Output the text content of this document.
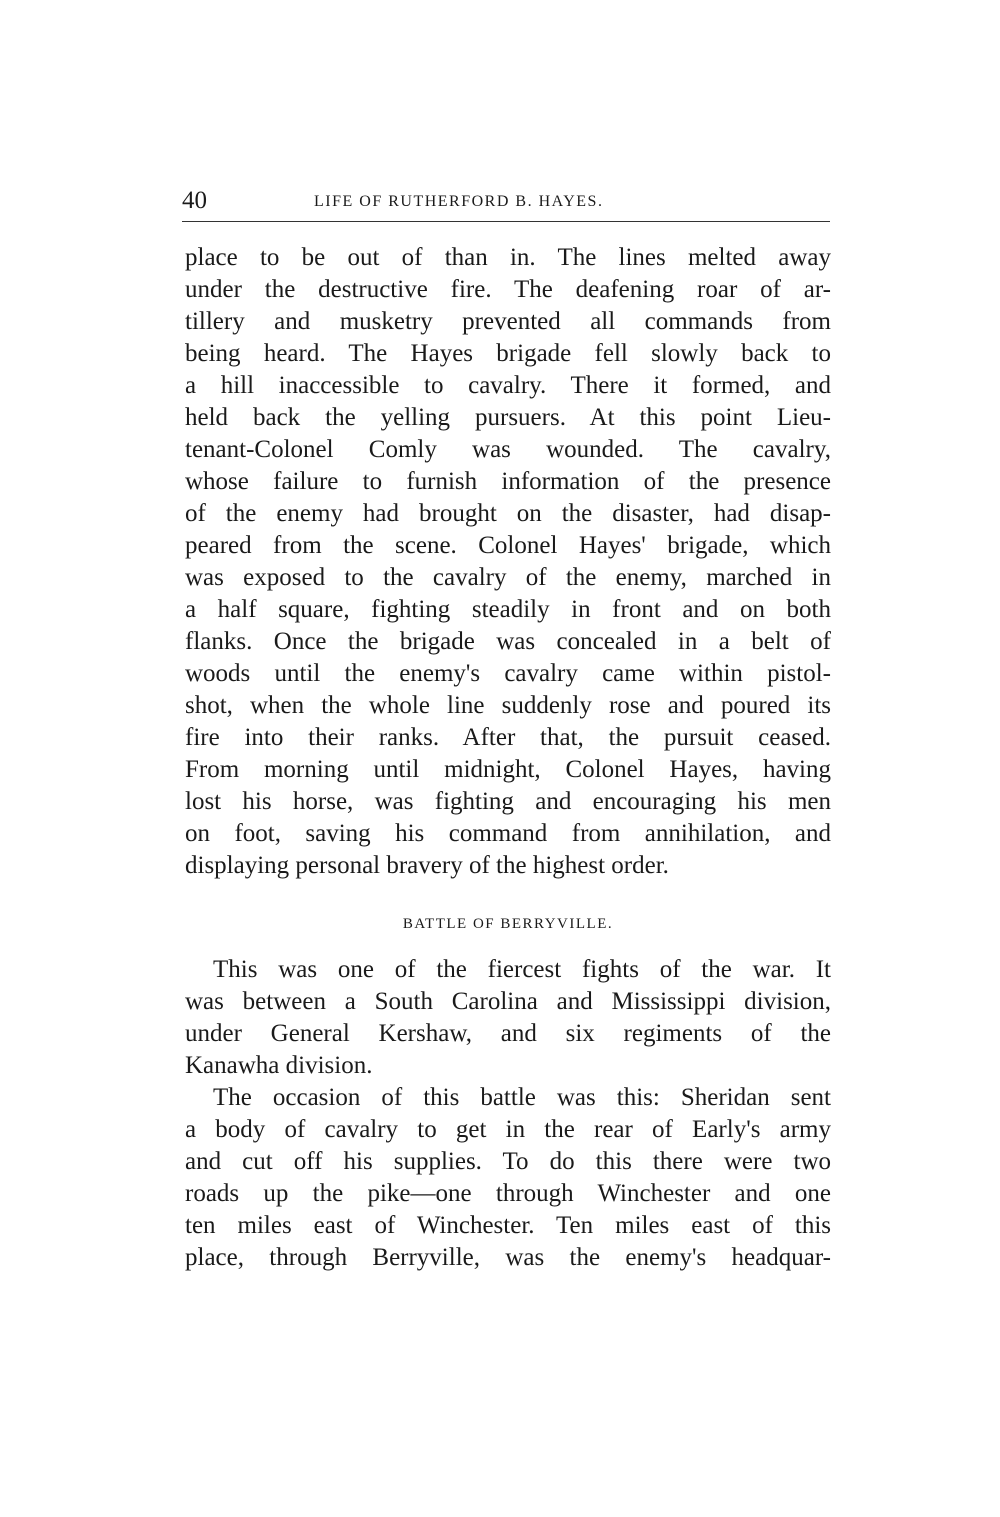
40	LIFE OF RUTHERFORD B. HAYES.
place to be out of than in. The lines melted away
under the destructive fire. The deafening roar of ar-
tillery and musketry prevented all commands from
being heard. The Hayes brigade fell slowly back to
a hill inaccessible to cavalry. There it formed, and
held back the yelling pursuers. At this point Lieu-
tenant-Colonel Comly was wounded. The cavalry,
whose failure to furnish information of the presence
of the enemy had brought on the disaster, had disap-
peared from the scene. Colonel Hayes' brigade, which
was exposed to the cavalry of the enemy, marched in
a half square, fighting steadily in front and on both
flanks. Once the brigade was concealed in a belt of
woods until the enemy's cavalry came within pistol-
shot, when the whole line suddenly rose and poured its
fire into their ranks. After that, the pursuit ceased.
From morning until midnight, Colonel Hayes, having
lost his horse, was fighting and encouraging his men
on foot, saving his command from annihilation, and
displaying personal bravery of the highest order.
BATTLE OF BERRYVILLE.
This was one of the fiercest fights of the war. It
was between a South Carolina and Mississippi division,
under General Kershaw, and six regiments of the
Kanawha division.
The occasion of this battle was this: Sheridan sent
a body of cavalry to get in the rear of Early's army
and cut off his supplies. To do this there were two
roads up the pike—one through Winchester and one
ten miles east of Winchester. Ten miles east of this
place, through Berryville, was the enemy's headquar-
